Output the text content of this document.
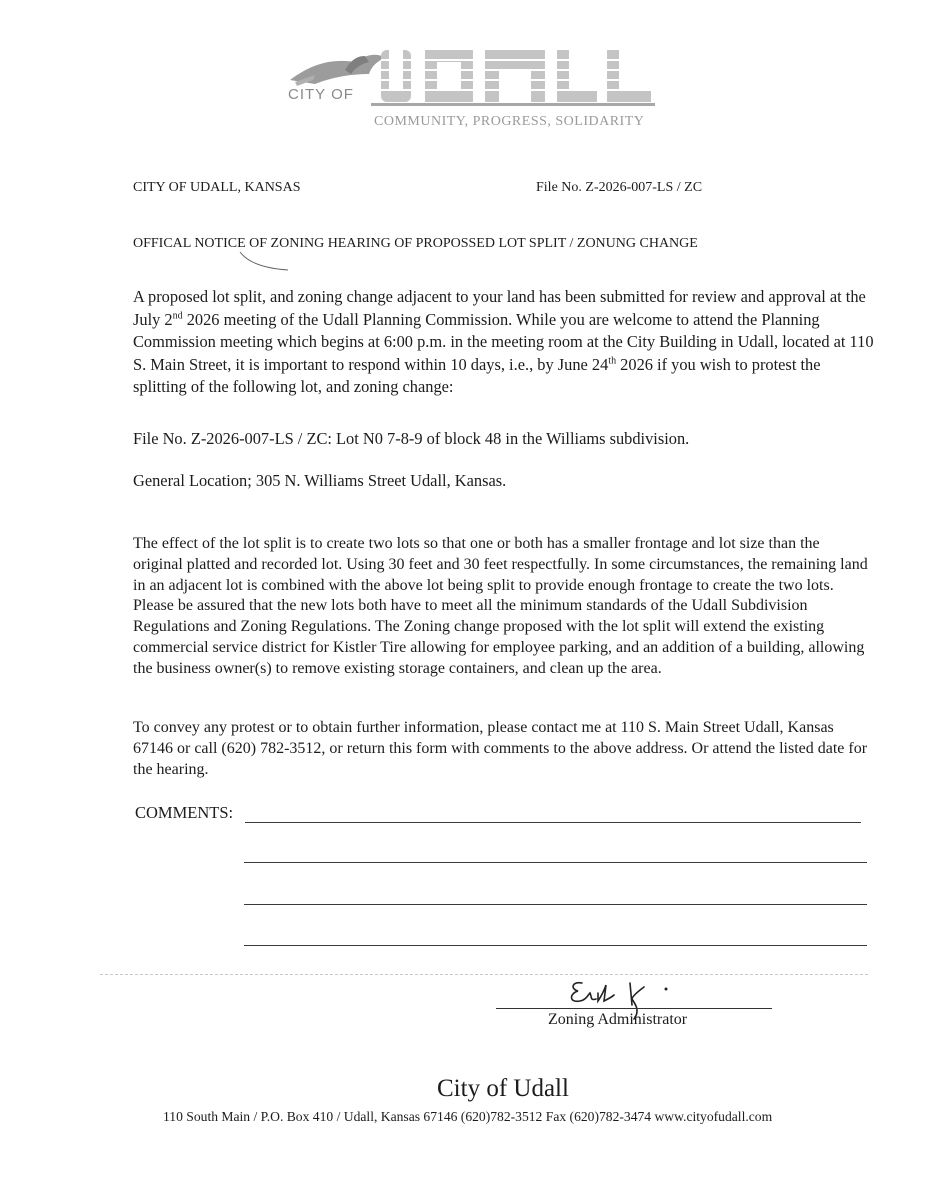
CITY OF
COMMUNITY, PROGRESS, SOLIDARITY
CITY OF UDALL, KANSAS	File No. Z-2026-007-LS / ZC
OFFICAL NOTICE OF ZONING HEARING OF PROPOSSED LOT SPLIT / ZONUNG CHANGE
A proposed lot split, and zoning change adjacent to your land has been submitted for review and approval at the July 2nd 2026 meeting of the Udall Planning Commission. While you are welcome to attend the Planning Commission meeting which begins at 6:00 p.m. in the meeting room at the City Building in Udall, located at 110 S. Main Street, it is important to respond within 10 days, i.e., by June 24th 2026 if you wish to protest the splitting of the following lot, and zoning change:
File No. Z-2026-007-LS / ZC: Lot N0 7-8-9 of block 48 in the Williams subdivision.
General Location; 305 N. Williams Street Udall, Kansas.
The effect of the lot split is to create two lots so that one or both has a smaller frontage and lot size than the original platted and recorded lot. Using 30 feet and 30 feet respectfully. In some circumstances, the remaining land in an adjacent lot is combined with the above lot being split to provide enough frontage to create the two lots. Please be assured that the new lots both have to meet all the minimum standards of the Udall Subdivision Regulations and Zoning Regulations. The Zoning change proposed with the lot split will extend the existing commercial service district for Kistler Tire allowing for employee parking, and an addition of a building, allowing the business owner(s) to remove existing storage containers, and clean up the area.
To convey any protest or to obtain further information, please contact me at 110 S. Main Street Udall, Kansas 67146 or call (620) 782-3512, or return this form with comments to the above address. Or attend the listed date for the hearing.
COMMENTS:
Zoning Administrator
City of Udall
110 South Main / P.O. Box 410 / Udall, Kansas 67146 (620)782-3512 Fax (620)782-3474 www.cityofudall.com
